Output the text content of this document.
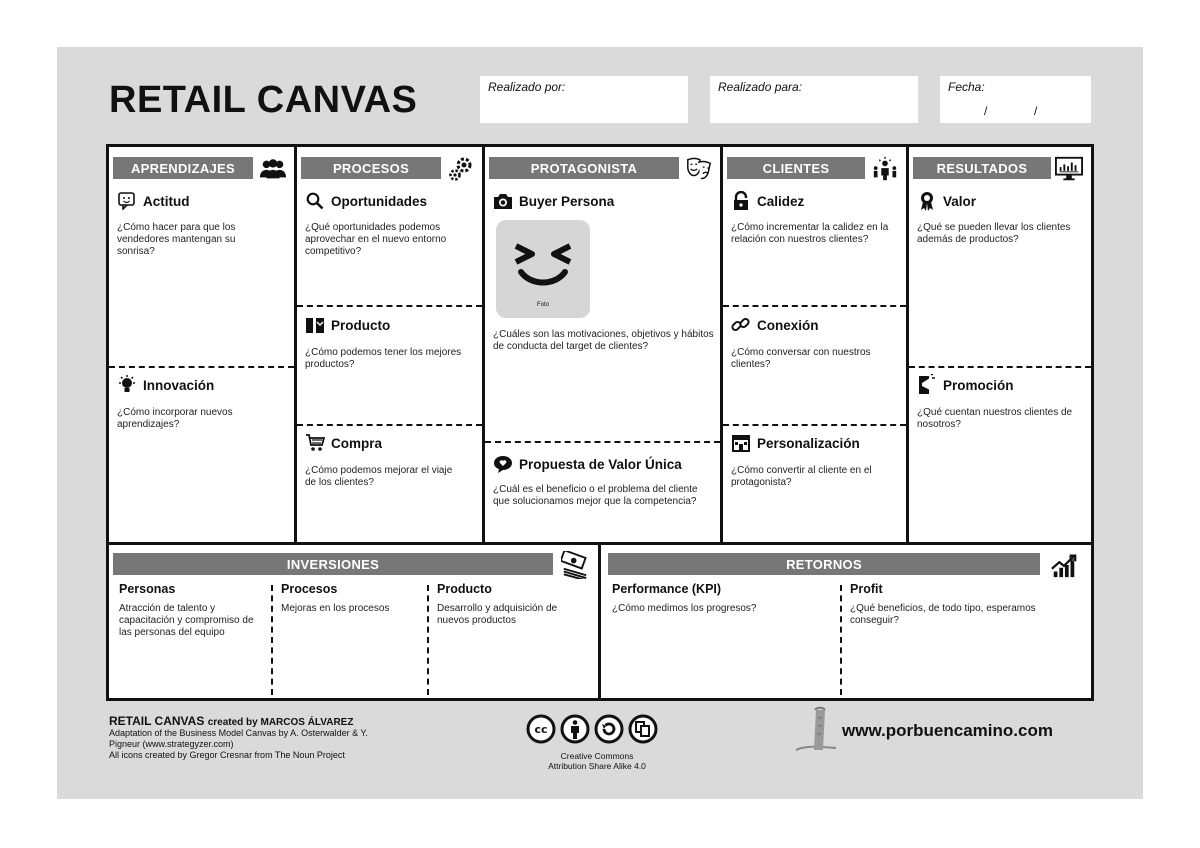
RETAIL CANVAS	Realizado por:	Realizado para:	Fecha:
/	/
APRENDIZAJES
Actitud
¿Cómo hacer para que los vendedores mantengan su sonrisa?
Innovación
¿Cómo incorporar nuevos aprendizajes?
PROCESOS
Oportunidades
¿Qué oportunidades podemos aprovechar en el nuevo entorno competitivo?
Producto
¿Cómo podemos tener los mejores productos?
Compra
¿Cómo podemos mejorar el viaje de los clientes?
PROTAGONISTA
Buyer Persona
Foto
¿Cuáles son las motivaciones, objetivos y hábitos de conducta del target de clientes?
Propuesta de Valor Única
¿Cuál es el beneficio o el problema del cliente que solucionamos mejor que la competencia?
CLIENTES
Calidez
¿Cómo incrementar la calidez en la relación con nuestros clientes?
Conexión
¿Cómo conversar con nuestros clientes?
Personalización
¿Cómo convertir al cliente en el protagonista?
RESULTADOS
Valor
¿Qué se pueden llevar los clientes además de productos?
Promoción
¿Qué cuentan nuestros clientes de nosotros?
INVERSIONES
Personas
Atracción de talento y capacitación y compromiso de las personas del equipo
Procesos
Mejoras en los procesos
Producto
Desarrollo y adquisición de nuevos productos
RETORNOS	$
Performance (KPI)
¿Cómo medimos los progresos?
Profit
¿Qué beneficios, de todo tipo, esperamos conseguir?
RETAIL CANVAS created by MARCOS ÁLVAREZ
Adaptation of the Business Model Canvas by A. Osterwalder & Y. Pigneur (www.strategyzer.com)
All icons created by Gregor Cresnar from The Noun Project
cc
Creative Commons
Attribution Share Alike 4.0
www.porbuencamino.com
